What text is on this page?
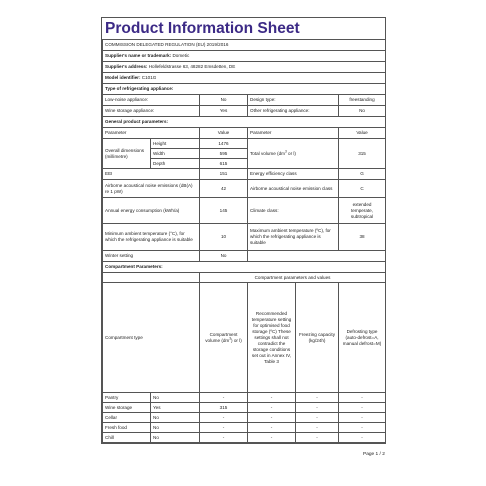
Product Information Sheet
COMMISSION DELEGATED REGULATION (EU) 2019/2016					
Supplier's name or trademark: Dometic					
Supplier's address: Hollefeldstrasse 63, 48282 Emsdetten, DE					
Model identifier: C101G					
Type of refrigerating appliance:					
Low-noise appliance:		No	Design type:		freestanding
Wine storage appliance:		Yes	Other refrigerating appliance:		No
General product parameters:					
Parameter		Value	Parameter		Value
Overall dimensions (millimetre)	Height	1476	Total volume ($dm^3$ or l)		315
	Width	595			
	Depth	615			
EEI		151	Energy efficiency class		G
Airborne acoustical noise emissions (dB(A) re 1 pW)		42	Airborne acoustical noise emission class		C
Annual energy consumption (kWh/a)		145	Climate class:		extended temperate, subtropical
Minimum ambient temperature (°C), for which the refrigerating appliance is suitable		10	Maximum ambient temperature (ºC), for which the refrigerating appliance is suitable		38
Winter setting		No			
Compartment Parameters:					
		Compartment parameters and values			
Compartment type		Compartment volume $(dm^3)$ or l)	Recommended temperature setting for optimised food storage (ºC) These settings shall not contradict the storage conditions set out in Annex IV, Table 3	Freezing capacity (kg/24h)	Defrosting type (auto-defrost=A, manual defrost=M)
Pantry	No	-	-	-	-
Wine storage	Yes	315	-	-	-
Cellar	No	-	-	-	-
Fresh food	No	-	-	-	-
Chill	No	-	-	-	-
Page 1 / 2
